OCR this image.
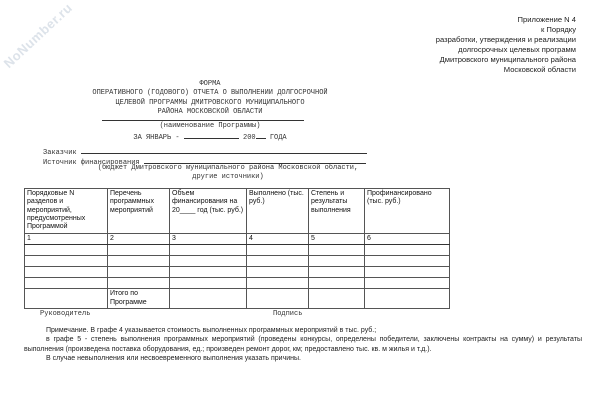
NoNumber.ru	Приложение N 4
к Порядку
разработки, утверждения и реализации
долгосрочных целевых программ
Дмитровского муниципального района
Московской области
ФОРМА
ОПЕРАТИВНОГО (ГОДОВОГО) ОТЧЕТА О ВЫПОЛНЕНИИ ДОЛГОСРОЧНОЙ
ЦЕЛЕВОЙ ПРОГРАММЫ ДМИТРОВСКОГО МУНИЦИПАЛЬНОГО
РАЙОНА МОСКОВСКОЙ ОБЛАСТИ
(наименование Программы)
ЗА ЯНВАРЬ -	200 ГОДА
Заказчик
Источник финансирования
(бюджет Дмитровского муниципального района Московской области,
другие источники)
Порядковые N разделов и мероприятий, предусмотренных Программой	Перечень программных мероприятий	Объем финансирования на 20____ год (тыс. руб.)	Выполнено (тыс. руб.)	Степень и результаты выполнения	Профинансировано (тыс. руб.)
1	2	3	4	5	6

	Итого по Программе				
Руководитель	Подпись

Примечание. В графе 4 указывается стоимость выполненных программных мероприятий в тыс. руб.;

в графе 5 - степень выполнения программных мероприятий (проведены конкурсы, определены победители, заключены контракты на сумму) и результаты выполнения (произведена поставка оборудования, ед.; произведен ремонт дорог, км; предоставлено тыс. кв. м жилья и т.д.).

В случае невыполнения или несвоевременного выполнения указать причины.
